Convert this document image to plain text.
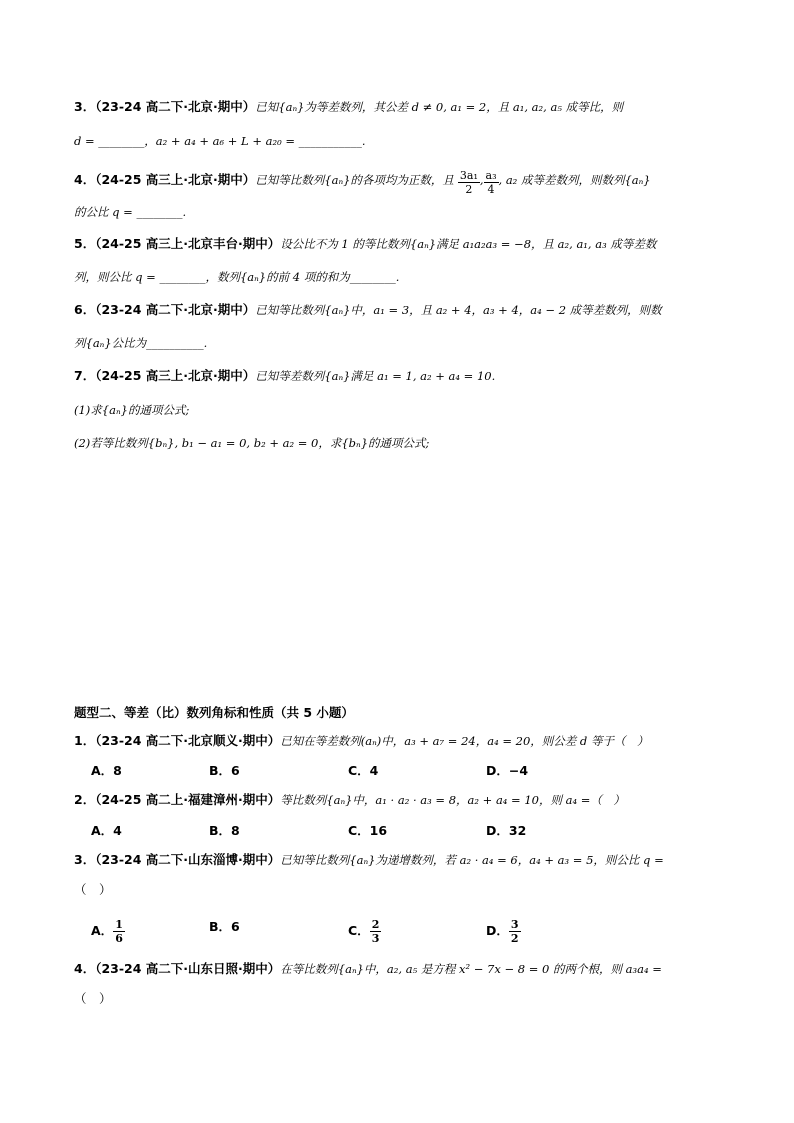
3．（23-24 高二下·北京·期中）已知{aₙ}为等差数列，其公差 d ≠ 0, a₁ = 2，且 a₁, a₂, a₅ 成等比，则
d = ________，a₂ + a₄ + a₆ + L + a₂₀ = ___________.
4．（24-25 高三上·北京·期中）已知等比数列{aₙ}的各项均为正数，且 $\frac{\text{3a₁}}{2}$ , $\frac{\text{a₃}}{4}$ , a₂ 成等差数列，则数列{aₙ}
的公比 q = ________.
5．（24-25 高三上·北京丰台·期中）设公比不为 1 的等比数列{aₙ}满足 a₁a₂a₃ = −8，且 a₂, a₁, a₃ 成等差数
列，则公比 q = ________，数列{aₙ}的前 4 项的和为________.
6．（23-24 高二下·北京·期中）已知等比数列{aₙ}中，a₁ = 3，且 a₂ + 4，a₃ + 4，a₄ − 2 成等差数列，则数
列{aₙ}公比为__________.
7．（24-25 高三上·北京·期中）已知等差数列{aₙ}满足 a₁ = 1, a₂ + a₄ = 10.
(1)求{aₙ}的通项公式;
(2)若等比数列{bₙ}, b₁ − a₁ = 0, b₂ + a₂ = 0，求{bₙ}的通项公式;
题型二、等差（比）数列角标和性质（共 5 小题）
1．（23-24 高二下·北京顺义·期中）已知在等差数列(aₙ)中，a₃ + a₇ = 24，a₄ = 20，则公差 d 等于（　）
A．8	B．6	C．4	D．−4
2．（24-25 高二上·福建漳州·期中）等比数列{aₙ}中，a₁ · a₂ · a₃ = 8，a₂ + a₄ = 10，则 a₄ =（　）
A．4	B．8	C．16	D．32
3．（23-24 高二下·山东淄博·期中）已知等比数列{aₙ}为递增数列，若 a₂ · a₄ = 6，a₄ + a₃ = 5，则公比 q =
（　）
A． $\frac{1}{6}$	B．6	C． $\frac{2}{3}$	D． $\frac{3}{2}$
4．（23-24 高二下·山东日照·期中）在等比数列{aₙ}中，a₂, a₅ 是方程 x² − 7x − 8 = 0 的两个根，则 a₃a₄ =
（　）
